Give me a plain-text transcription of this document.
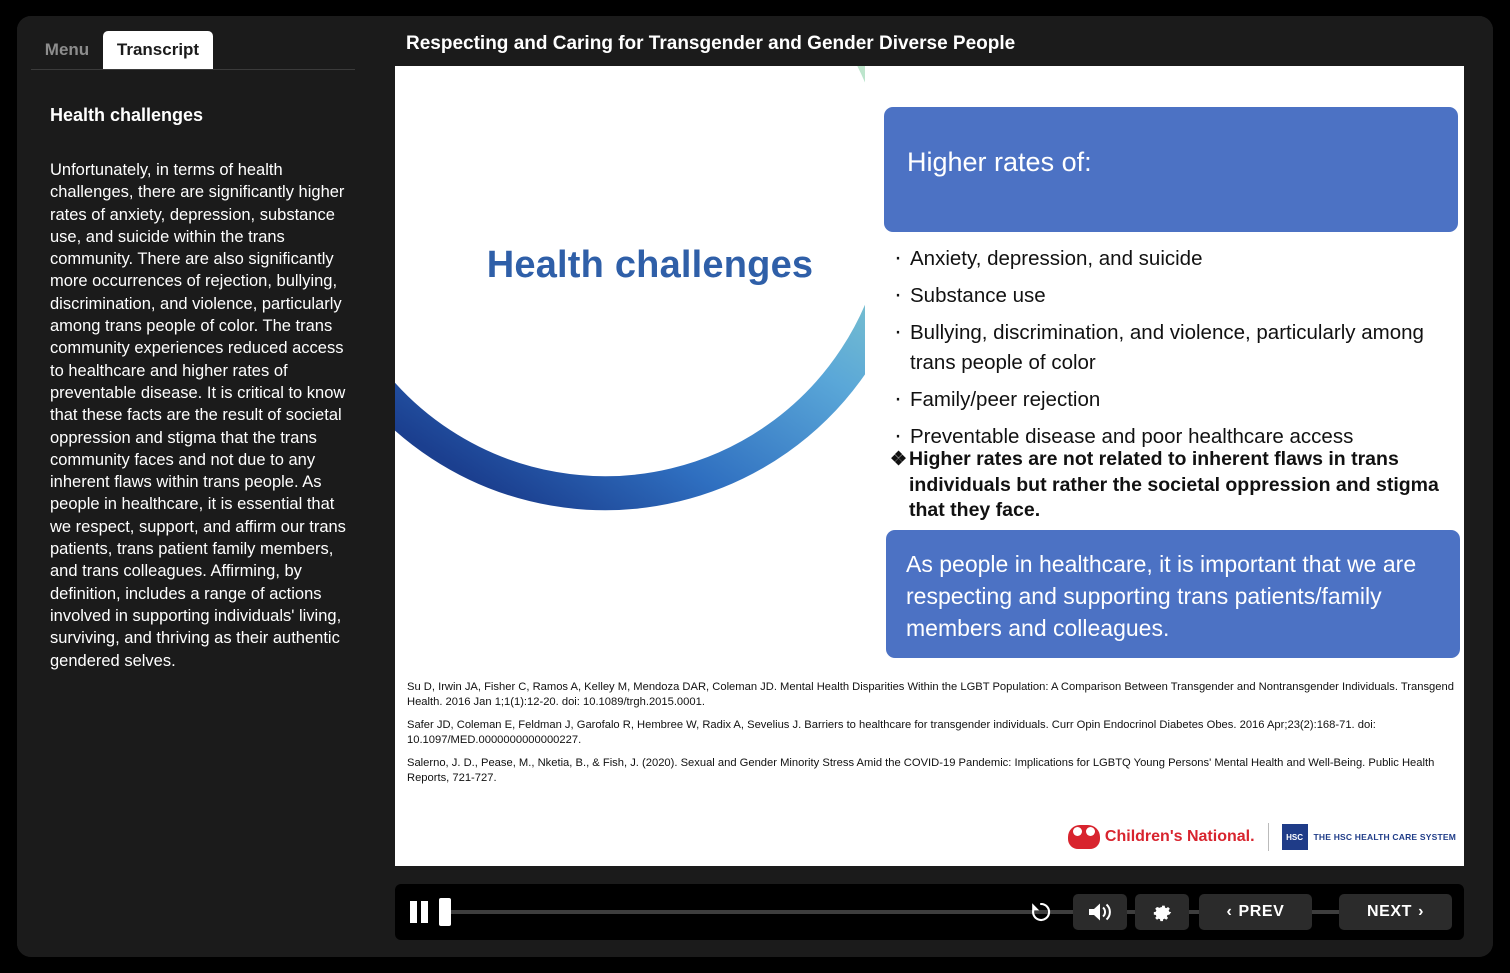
Menu	Transcript
Health challenges
Unfortunately, in terms of health challenges, there are significantly higher rates of anxiety, depression, substance use, and suicide within the trans community. There are also significantly more occurrences of rejection, bullying, discrimination, and violence, particularly among trans people of color. The trans community experiences reduced access to healthcare and higher rates of preventable disease. It is critical to know that these facts are the result of societal oppression and stigma that the trans community faces and not due to any inherent flaws within trans people. As people in healthcare, it is essential that we respect, support, and affirm our trans patients, trans patient family members, and trans colleagues. Affirming, by definition, includes a range of actions involved in supporting individuals' living, surviving, and thriving as their authentic gendered selves.
Respecting and Caring for Transgender and Gender Diverse People
Health challenges
Higher rates of:
· Anxiety, depression, and suicide
· Substance use
· Bullying, discrimination, and violence, particularly among trans people of color
· Family/peer rejection
· Preventable disease and poor healthcare access
❖ Higher rates are not related to inherent flaws in trans individuals but rather the societal oppression and stigma that they face.
As people in healthcare, it is important that we are respecting and supporting trans patients/family members and colleagues.

Su D, Irwin JA, Fisher C, Ramos A, Kelley M, Mendoza DAR, Coleman JD. Mental Health Disparities Within the LGBT Population: A Comparison Between Transgender and Nontransgender Individuals. Transgend Health. 2016 Jan 1;1(1):12-20. doi: 10.1089/trgh.2015.0001.

Safer JD, Coleman E, Feldman J, Garofalo R, Hembree W, Radix A, Sevelius J. Barriers to healthcare for transgender individuals. Curr Opin Endocrinol Diabetes Obes. 2016 Apr;23(2):168-71. doi: 10.1097/MED.0000000000000227.

Salerno, J. D., Pease, M., Nketia, B., & Fish, J. (2020). Sexual and Gender Minority Stress Amid the COVID-19 Pandemic: Implications for LGBTQ Young Persons' Mental Health and Well-Being. Public Health Reports, 721-727.

Children's National.	HSC	THE HSC HEALTH CARE SYSTEM
‹ PREV	NEXT ›
